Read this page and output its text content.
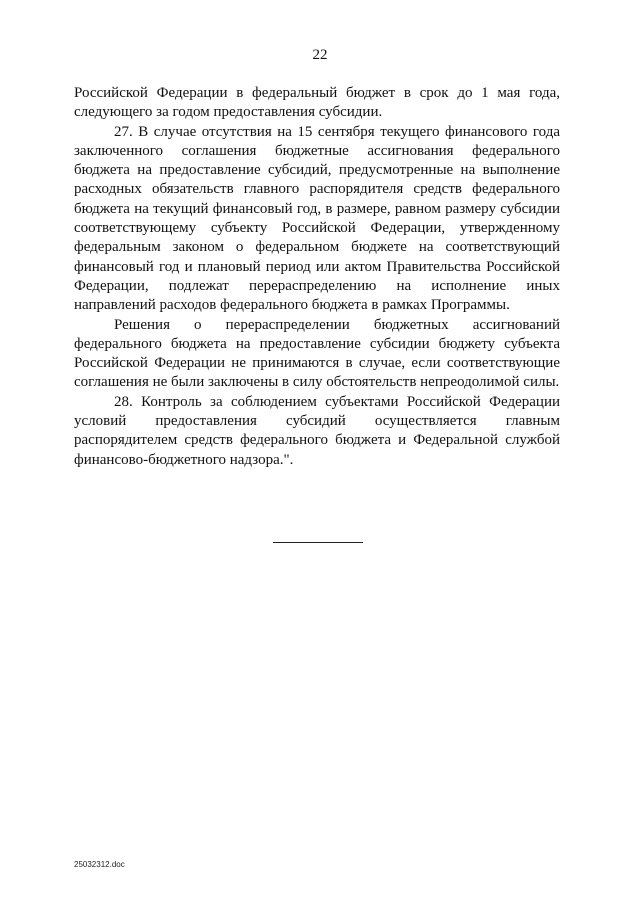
22

Российской Федерации в федеральный бюджет в срок до 1 мая года, следующего за годом предоставления субсидии.

27. В случае отсутствия на 15 сентября текущего финансового года заключенного соглашения бюджетные ассигнования федерального бюджета на предоставление субсидий, предусмотренные на выполнение расходных обязательств главного распорядителя средств федерального бюджета на текущий финансовый год, в размере, равном размеру субсидии соответствующему субъекту Российской Федерации, утвержденному федеральным законом о федеральном бюджете на соответствующий финансовый год и плановый период или актом Правительства Российской Федерации, подлежат перераспределению на исполнение иных направлений расходов федерального бюджета в рамках Программы.

Решения о перераспределении бюджетных ассигнований федерального бюджета на предоставление субсидии бюджету субъекта Российской Федерации не принимаются в случае, если соответствующие соглашения не были заключены в силу обстоятельств непреодолимой силы.

28. Контроль за соблюдением субъектами Российской Федерации условий предоставления субсидий осуществляется главным распорядителем средств федерального бюджета и Федеральной службой финансово-бюджетного надзора.".

25032312.doc
